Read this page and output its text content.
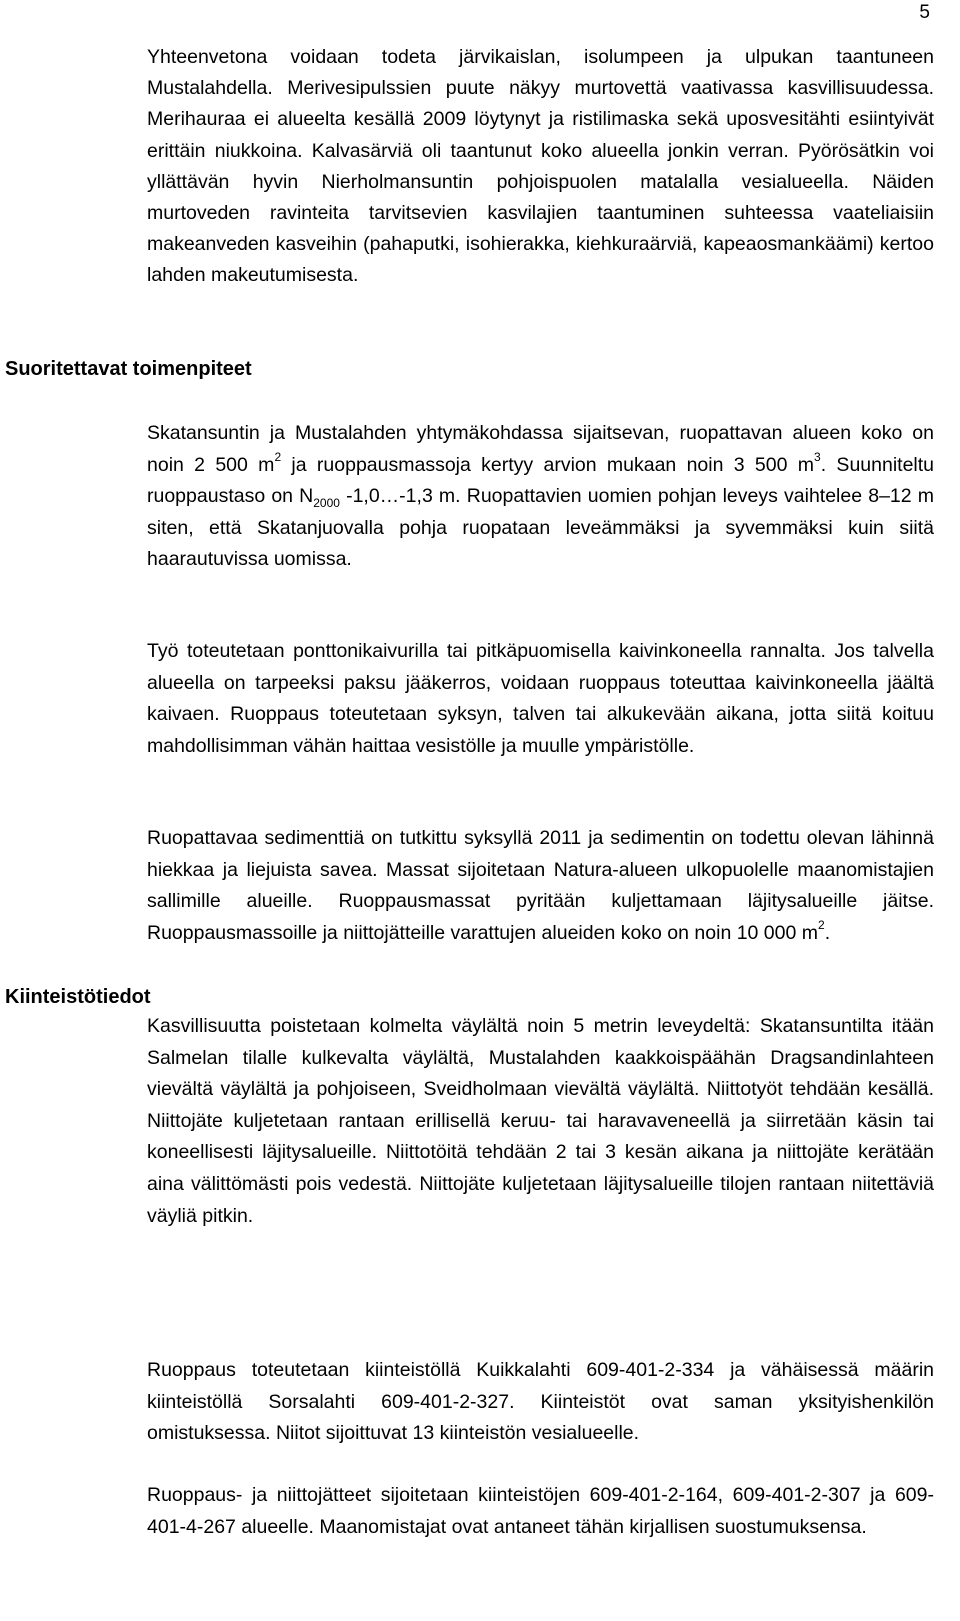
5
Yhteenvetona voidaan todeta järvikaislan, isolumpeen ja ulpukan taantuneen Mustalahdella. Merivesipulssien puute näkyy murtovettä vaativassa kasvillisuudessa. Merihauraa ei alueelta kesällä 2009 löytynyt ja ristilimaska sekä uposvesitähti esiintyivät erittäin niukkoina. Kalvasärviä oli taantunut koko alueella jonkin verran. Pyörösätkin voi yllättävän hyvin Nierholmansuntin pohjoispuolen matalalla vesialueella. Näiden murtoveden ravinteita tarvitsevien kasvilajien taantuminen suhteessa vaateliaisiin makeanveden kasveihin (pahaputki, isohierakka, kiehkuraärviä, kapeaosmankäämi) kertoo lahden makeutumisesta.
Suoritettavat toimenpiteet
Skatansuntin ja Mustalahden yhtymäkohdassa sijaitsevan, ruopattavan alueen koko on noin 2 500 $m^2$ ja ruoppausmassoja kertyy arvion mukaan noin 3 500 $m^3$. Suunniteltu ruoppaustaso on $N_{2000}$ -1,0…-1,3 m. Ruopattavien uomien pohjan leveys vaihtelee 8–12 m siten, että Skatanjuovalla pohja ruopataan leveämmäksi ja syvemmäksi kuin siitä haarautuvissa uomissa.
Työ toteutetaan ponttonikaivurilla tai pitkäpuomisella kaivinkoneella rannalta. Jos talvella alueella on tarpeeksi paksu jääkerros, voidaan ruoppaus toteuttaa kaivinkoneella jäältä kaivaen. Ruoppaus toteutetaan syksyn, talven tai alkukevään aikana, jotta siitä koituu mahdollisimman vähän haittaa vesistölle ja muulle ympäristölle.
Ruopattavaa sedimenttiä on tutkittu syksyllä 2011 ja sedimentin on todettu olevan lähinnä hiekkaa ja liejuista savea. Massat sijoitetaan Natura-alueen ulkopuolelle maanomistajien sallimille alueille. Ruoppausmassat pyritään kuljettamaan läjitysalueille jäitse. Ruoppausmassoille ja niittojätteille varattujen alueiden koko on noin 10 000 $m^2$.
Kasvillisuutta poistetaan kolmelta väylältä noin 5 metrin leveydeltä: Skatansuntilta itään Salmelan tilalle kulkevalta väylältä, Mustalahden kaakkoispäähän Dragsandinlahteen vievältä väylältä ja pohjoiseen, Sveidholmaan vievältä väylältä. Niittotyöt tehdään kesällä. Niittojäte kuljetetaan rantaan erillisellä keruu- tai haravaveneellä ja siirretään käsin tai koneellisesti läjitysalueille. Niittotöitä tehdään 2 tai 3 kesän aikana ja niittojäte kerätään aina välittömästi pois vedestä. Niittojäte kuljetetaan läjitysalueille tilojen rantaan niitettäviä väyliä pitkin.
Kiinteistötiedot
Ruoppaus toteutetaan kiinteistöllä Kuikkalahti 609-401-2-334 ja vähäisessä määrin kiinteistöllä Sorsalahti 609-401-2-327. Kiinteistöt ovat saman yksityishenkilön omistuksessa. Niitot sijoittuvat 13 kiinteistön vesialueelle.
Ruoppaus- ja niittojätteet sijoitetaan kiinteistöjen 609-401-2-164, 609-401-2-307 ja 609-401-4-267 alueelle. Maanomistajat ovat antaneet tähän kirjallisen suostumuksensa.
